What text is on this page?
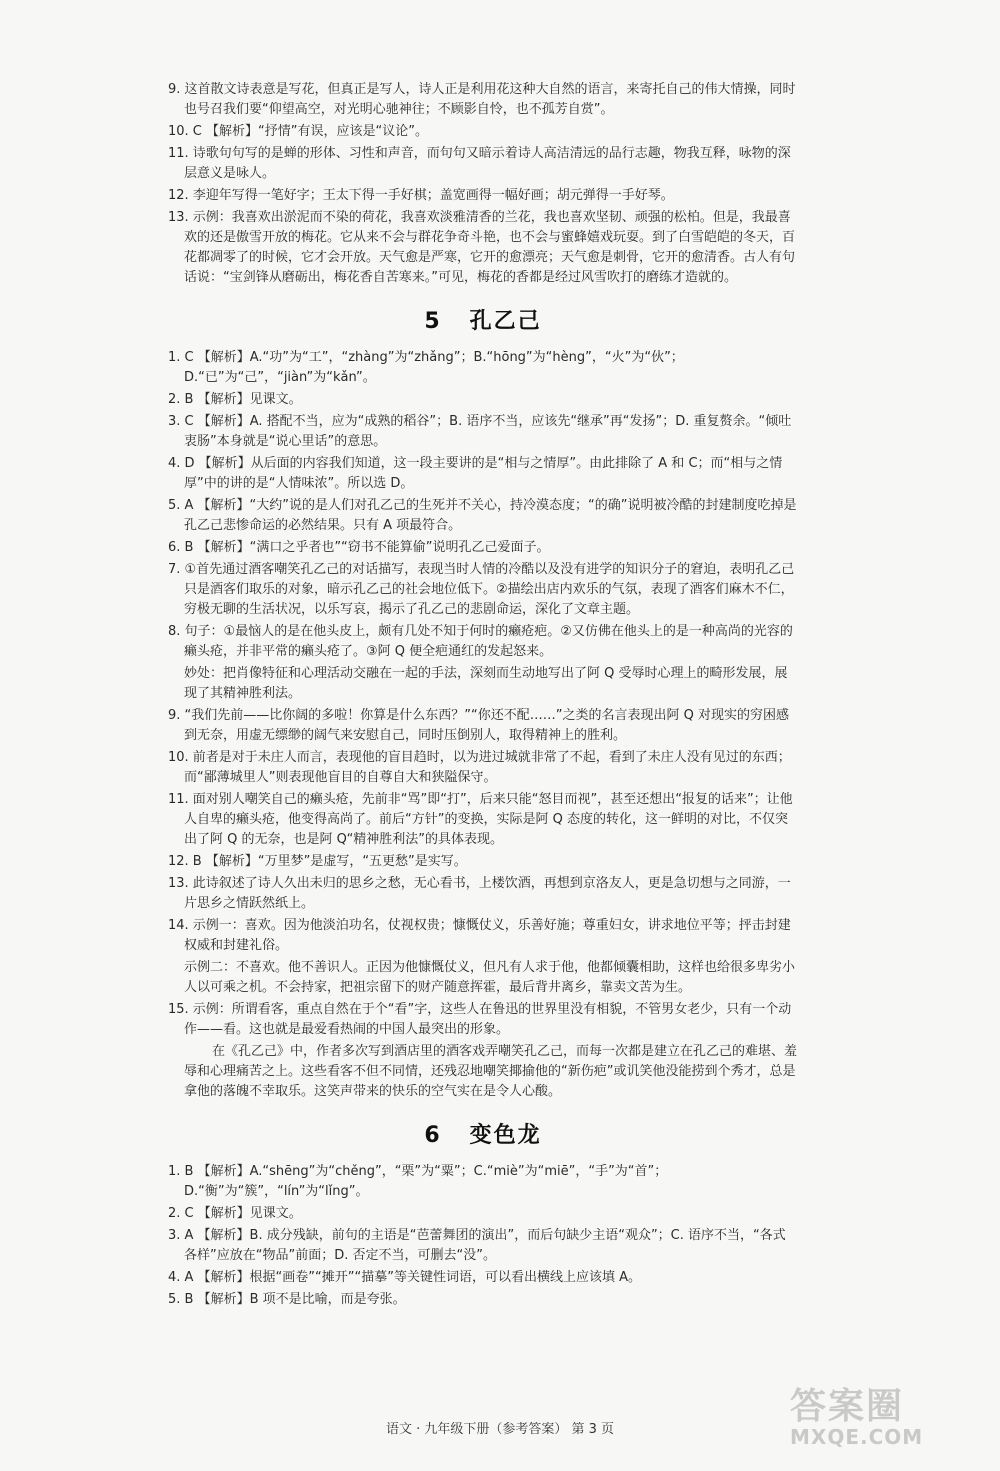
9. 这首散文诗表意是写花，但真正是写人，诗人正是利用花这种大自然的语言，来寄托自己的伟大情操，同时也号召我们要“仰望高空，对光明心驰神往；不顾影自怜，也不孤芳自赏”。

10. C 【解析】“抒情”有误，应该是“议论”。

11. 诗歌句句写的是蝉的形体、习性和声音，而句句又暗示着诗人高洁清远的品行志趣，物我互释，咏物的深层意义是咏人。

12. 李迎年写得一笔好字；王太下得一手好棋；盖宽画得一幅好画；胡元弹得一手好琴。

13. 示例：我喜欢出淤泥而不染的荷花，我喜欢淡雅清香的兰花，我也喜欢坚韧、顽强的松柏。但是，我最喜欢的还是傲雪开放的梅花。它从来不会与群花争奇斗艳，也不会与蜜蜂嬉戏玩耍。到了白雪皑皑的冬天，百花都凋零了的时候，它才会开放。天气愈是严寒，它开的愈漂亮；天气愈是刺骨，它开的愈清香。古人有句话说：“宝剑锋从磨砺出，梅花香自苦寒来。”可见，梅花的香都是经过风雪吹打的磨练才造就的。

5 孔乙己

1. C 【解析】A.“功”为“工”，“zhàng”为“zhǎng”；B.“hōng”为“hèng”，“火”为“伙”；D.“已”为“己”，“jiàn”为“kǎn”。

2. B 【解析】见课文。

3. C 【解析】A. 搭配不当，应为“成熟的稻谷”；B. 语序不当，应该先“继承”再“发扬”；D. 重复赘余。“倾吐衷肠”本身就是“说心里话”的意思。

4. D 【解析】从后面的内容我们知道，这一段主要讲的是“相与之情厚”。由此排除了 A 和 C；而“相与之情厚”中的讲的是“人情味浓”。所以选 D。

5. A 【解析】“大约”说的是人们对孔乙己的生死并不关心，持冷漠态度；“的确”说明被冷酷的封建制度吃掉是孔乙己悲惨命运的必然结果。只有 A 项最符合。

6. B 【解析】“满口之乎者也”“窃书不能算偷”说明孔乙己爱面子。

7. ①首先通过酒客嘲笑孔乙己的对话描写，表现当时人情的冷酷以及没有进学的知识分子的窘迫，表明孔乙己只是酒客们取乐的对象，暗示孔乙己的社会地位低下。②描绘出店内欢乐的气氛，表现了酒客们麻木不仁，穷极无聊的生活状况，以乐写哀，揭示了孔乙己的悲剧命运，深化了文章主题。

8. 句子：①最恼人的是在他头皮上，颇有几处不知于何时的癞疮疤。②又仿佛在他头上的是一种高尚的光容的癞头疮，并非平常的癞头疮了。③阿 Q 便全疤通红的发起怒来。

妙处：把肖像特征和心理活动交融在一起的手法，深刻而生动地写出了阿 Q 受辱时心理上的畸形发展，展现了其精神胜利法。

9. “我们先前——比你阔的多啦！你算是什么东西？”“你还不配……”之类的名言表现出阿 Q 对现实的穷困感到无奈，用虚无缥缈的阔气来安慰自己，同时压倒别人，取得精神上的胜利。

10. 前者是对于未庄人而言，表现他的盲目趋时，以为进过城就非常了不起，看到了未庄人没有见过的东西；而“鄙薄城里人”则表现他盲目的自尊自大和狭隘保守。

11. 面对别人嘲笑自己的癞头疮，先前非“骂”即“打”，后来只能“怒目而视”，甚至还想出“报复的话来”；让他人自卑的癞头疮，他变得高尚了。前后“方针”的变换，实际是阿 Q 态度的转化，这一鲜明的对比，不仅突出了阿 Q 的无奈，也是阿 Q“精神胜利法”的具体表现。

12. B 【解析】“万里梦”是虚写，“五更愁”是实写。

13. 此诗叙述了诗人久出未归的思乡之愁，无心看书，上楼饮酒，再想到京洛友人，更是急切想与之同游，一片思乡之情跃然纸上。

14. 示例一：喜欢。因为他淡泊功名，仗视权贵；慷慨仗义，乐善好施；尊重妇女，讲求地位平等；抨击封建权威和封建礼俗。

示例二：不喜欢。他不善识人。正因为他慷慨仗义，但凡有人求于他，他都倾囊相助，这样也给很多卑劣小人以可乘之机。不会持家，把祖宗留下的财产随意挥霍，最后背井离乡，靠卖文苦为生。

15. 示例：所谓看客，重点自然在于个“看”字，这些人在鲁迅的世界里没有相貌，不管男女老少，只有一个动作——看。这也就是最爱看热闹的中国人最突出的形象。

在《孔乙己》中，作者多次写到酒店里的酒客戏弄嘲笑孔乙己，而每一次都是建立在孔乙己的难堪、羞辱和心理痛苦之上。这些看客不但不同情，还残忍地嘲笑揶揄他的“新伤疤”或讥笑他没能捞到个秀才，总是拿他的落魄不幸取乐。这笑声带来的快乐的空气实在是令人心酸。

6 变色龙

1. B 【解析】A.“shēng”为“chěng”，“栗”为“粟”；C.“miè”为“miē”，“手”为“首”；D.“衡”为“簇”，“lín”为“lǐng”。

2. C 【解析】见课文。

3. A 【解析】B. 成分残缺，前句的主语是“芭蕾舞团的演出”，而后句缺少主语“观众”；C. 语序不当，“各式各样”应放在“物品”前面；D. 否定不当，可删去“没”。

4. A 【解析】根据“画卷”“摊开”“描摹”等关键性词语，可以看出横线上应该填 A。

5. B 【解析】B 项不是比喻，而是夸张。

语文 · 九年级下册（参考答案） 第 3 页
答案圈
MXQE.COM
